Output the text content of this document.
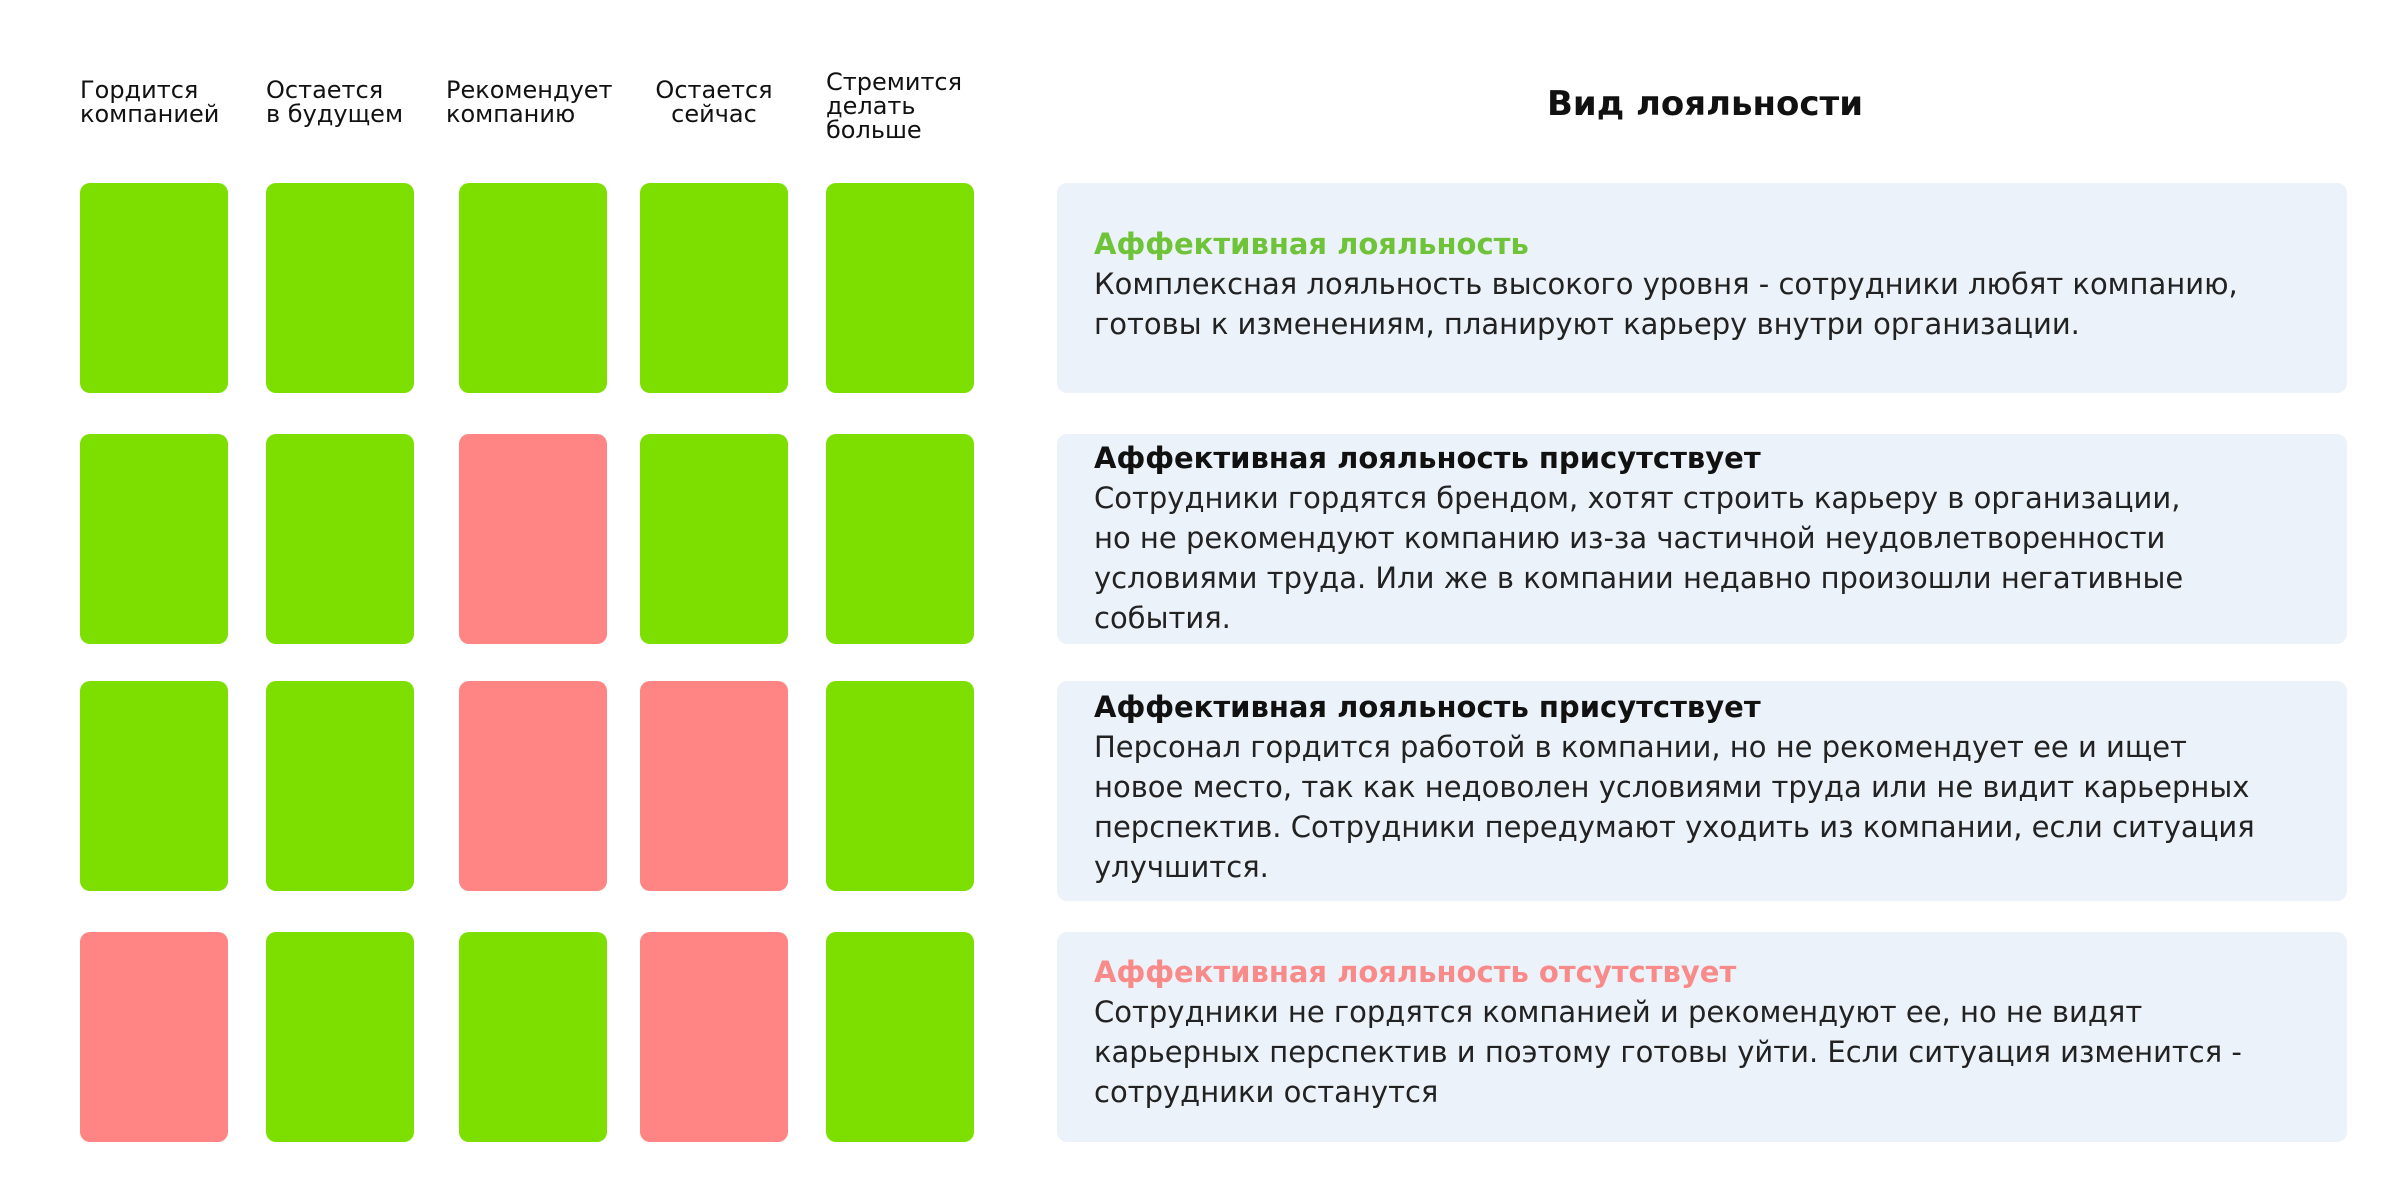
Гордится
компанией
Остается
в будущем
Рекомендует
компанию
Остается
сейчас
Стремится
делать
больше
Вид лояльности

Аффективная лояльность

Комплексная лояльность высокого уровня - сотрудники любят компанию,
готовы к изменениям, планируют карьеру внутри организации.

Аффективная лояльность присутствует

Сотрудники гордятся брендом, хотят строить карьеру в организации,
но не рекомендуют компанию из-за частичной неудовлетворенности
условиями труда. Или же в компании недавно произошли негативные
события.

Аффективная лояльность присутствует

Персонал гордится работой в компании, но не рекомендует ее и ищет
новое место, так как недоволен условиями труда или не видит карьерных
перспектив. Сотрудники передумают уходить из компании, если ситуация
улучшится.

Аффективная лояльность отсутствует

Сотрудники не гордятся компанией и рекомендуют ее, но не видят
карьерных перспектив и поэтому готовы уйти. Если ситуация изменится -
сотрудники останутся
